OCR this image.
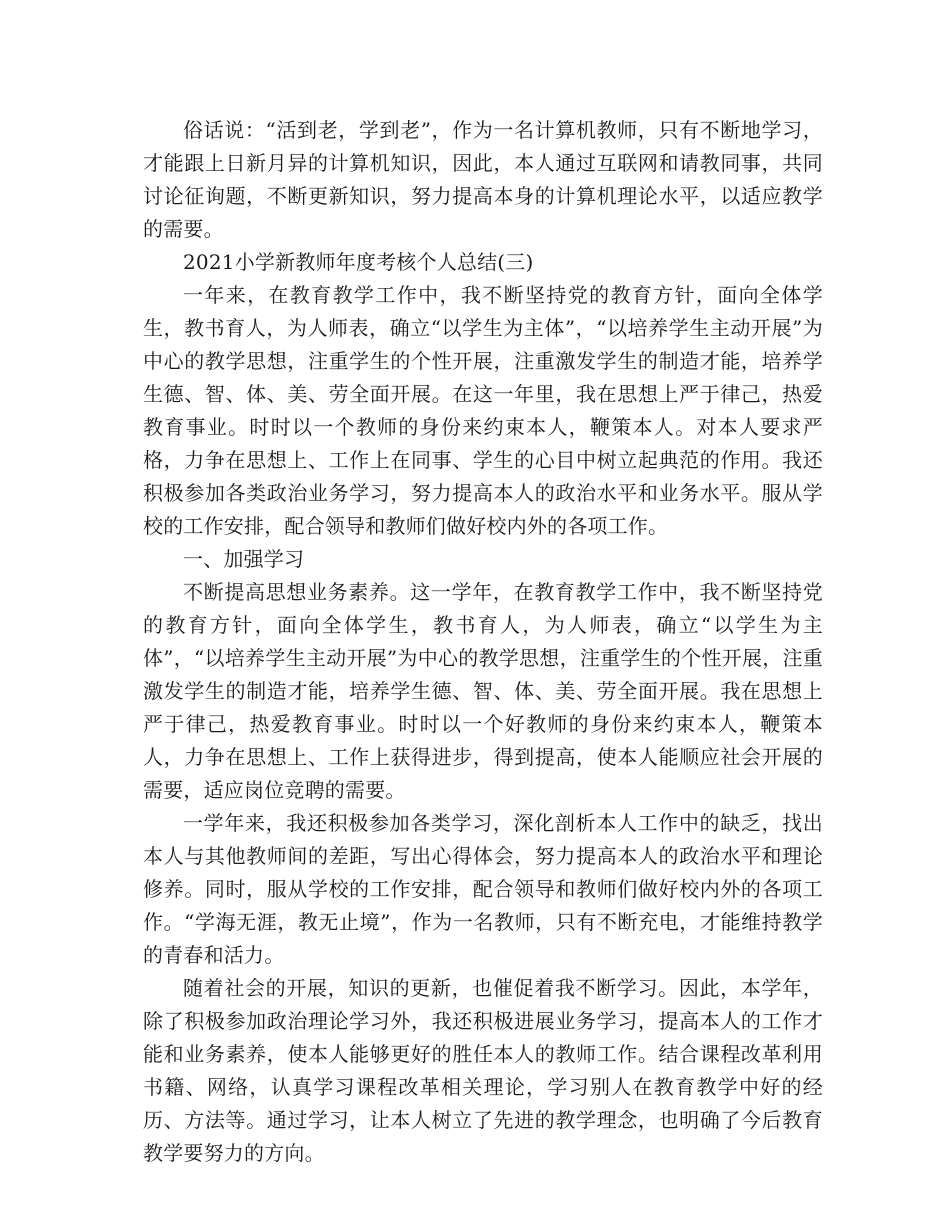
俗话说：“活到老，学到老”，作为一名计算机教师，只有不断地学习，才能跟上日新月异的计算机知识，因此，本人通过互联网和请教同事，共同讨论征询题，不断更新知识，努力提高本身的计算机理论水平，以适应教学的需要。

2021小学新教师年度考核个人总结(三)

一年来，在教育教学工作中，我不断坚持党的教育方针，面向全体学生，教书育人，为人师表，确立“以学生为主体”，“以培养学生主动开展”为中心的教学思想，注重学生的个性开展，注重激发学生的制造才能，培养学生德、智、体、美、劳全面开展。在这一年里，我在思想上严于律己，热爱教育事业。时时以一个教师的身份来约束本人，鞭策本人。对本人要求严格，力争在思想上、工作上在同事、学生的心目中树立起典范的作用。我还积极参加各类政治业务学习，努力提高本人的政治水平和业务水平。服从学校的工作安排，配合领导和教师们做好校内外的各项工作。

一、加强学习

不断提高思想业务素养。这一学年，在教育教学工作中，我不断坚持党的教育方针，面向全体学生，教书育人，为人师表，确立“以学生为主体”，“以培养学生主动开展”为中心的教学思想，注重学生的个性开展，注重激发学生的制造才能，培养学生德、智、体、美、劳全面开展。我在思想上严于律己，热爱教育事业。时时以一个好教师的身份来约束本人，鞭策本人，力争在思想上、工作上获得进步，得到提高，使本人能顺应社会开展的需要，适应岗位竞聘的需要。

一学年来，我还积极参加各类学习，深化剖析本人工作中的缺乏，找出本人与其他教师间的差距，写出心得体会，努力提高本人的政治水平和理论修养。同时，服从学校的工作安排，配合领导和教师们做好校内外的各项工作。“学海无涯，教无止境”，作为一名教师，只有不断充电，才能维持教学的青春和活力。

随着社会的开展，知识的更新，也催促着我不断学习。因此，本学年，除了积极参加政治理论学习外，我还积极进展业务学习，提高本人的工作才能和业务素养，使本人能够更好的胜任本人的教师工作。结合课程改革利用书籍、网络，认真学习课程改革相关理论，学习别人在教育教学中好的经历、方法等。通过学习，让本人树立了先进的教学理念，也明确了今后教育教学要努力的方向。
